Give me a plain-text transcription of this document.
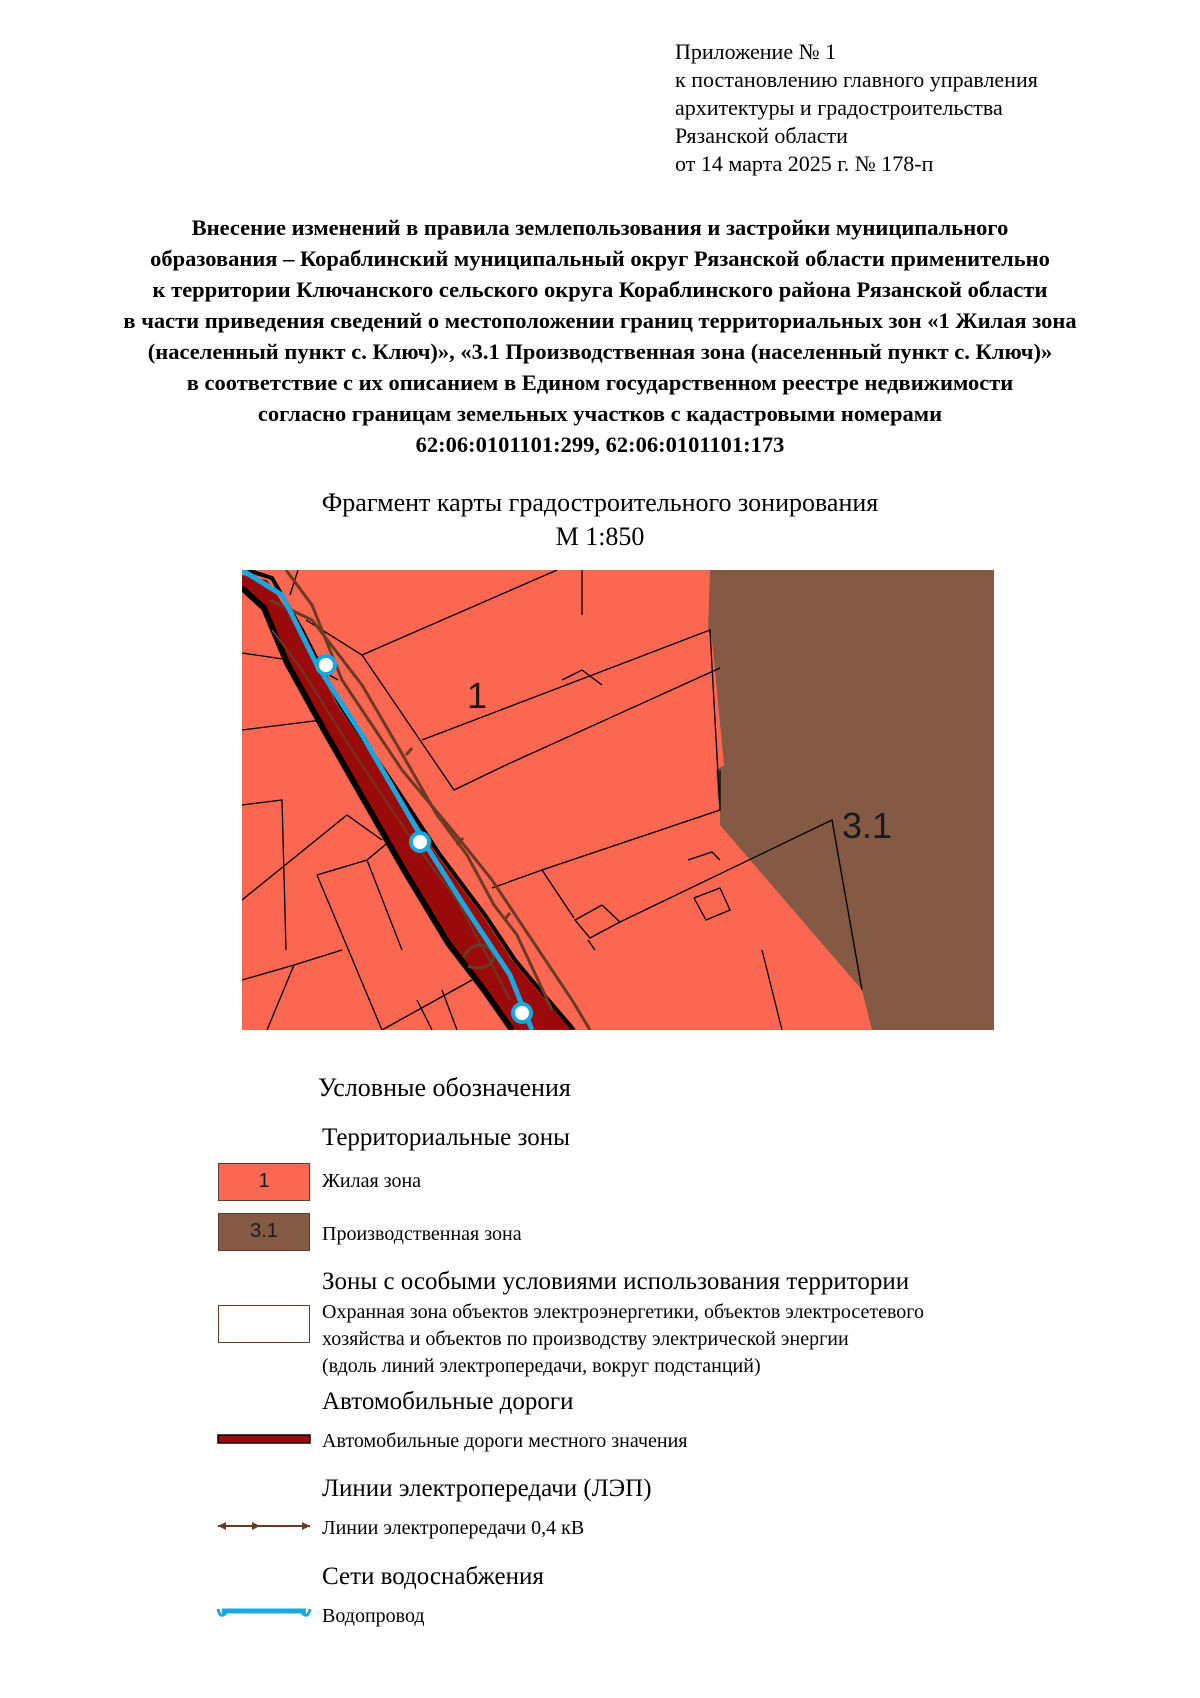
Приложение № 1
к постановлению главного управления
архитектуры и градостроительства
Рязанской области
от 14 марта 2025 г. № 178-п
Внесение изменений в правила землепользования и застройки муниципального
образования – Кораблинский муниципальный округ Рязанской области применительно
к территории Ключанского сельского округа Кораблинского района Рязанской области
в части приведения сведений о местоположении границ территориальных зон «1 Жилая зона
(населенный пункт с. Ключ)», «3.1 Производственная зона (населенный пункт с. Ключ)»
в соответствие с их описанием в Едином государственном реестре недвижимости
согласно границам земельных участков с кадастровыми номерами
62:06:0101101:299, 62:06:0101101:173
Фрагмент карты градостроительного зонирования
М 1:850
1
3.1
Условные обозначения
Территориальные зоны
1	Жилая зона
3.1	Производственная зона
Зоны с особыми условиями использования территории
Охранная зона объектов электроэнергетики, объектов электросетевого
хозяйства и объектов по производству электрической энергии
(вдоль линий электропередачи, вокруг подстанций)
Автомобильные дороги
Автомобильные дороги местного значения
Линии электропередачи (ЛЭП)
Линии электропередачи 0,4 кВ
Сети водоснабжения
Водопровод
